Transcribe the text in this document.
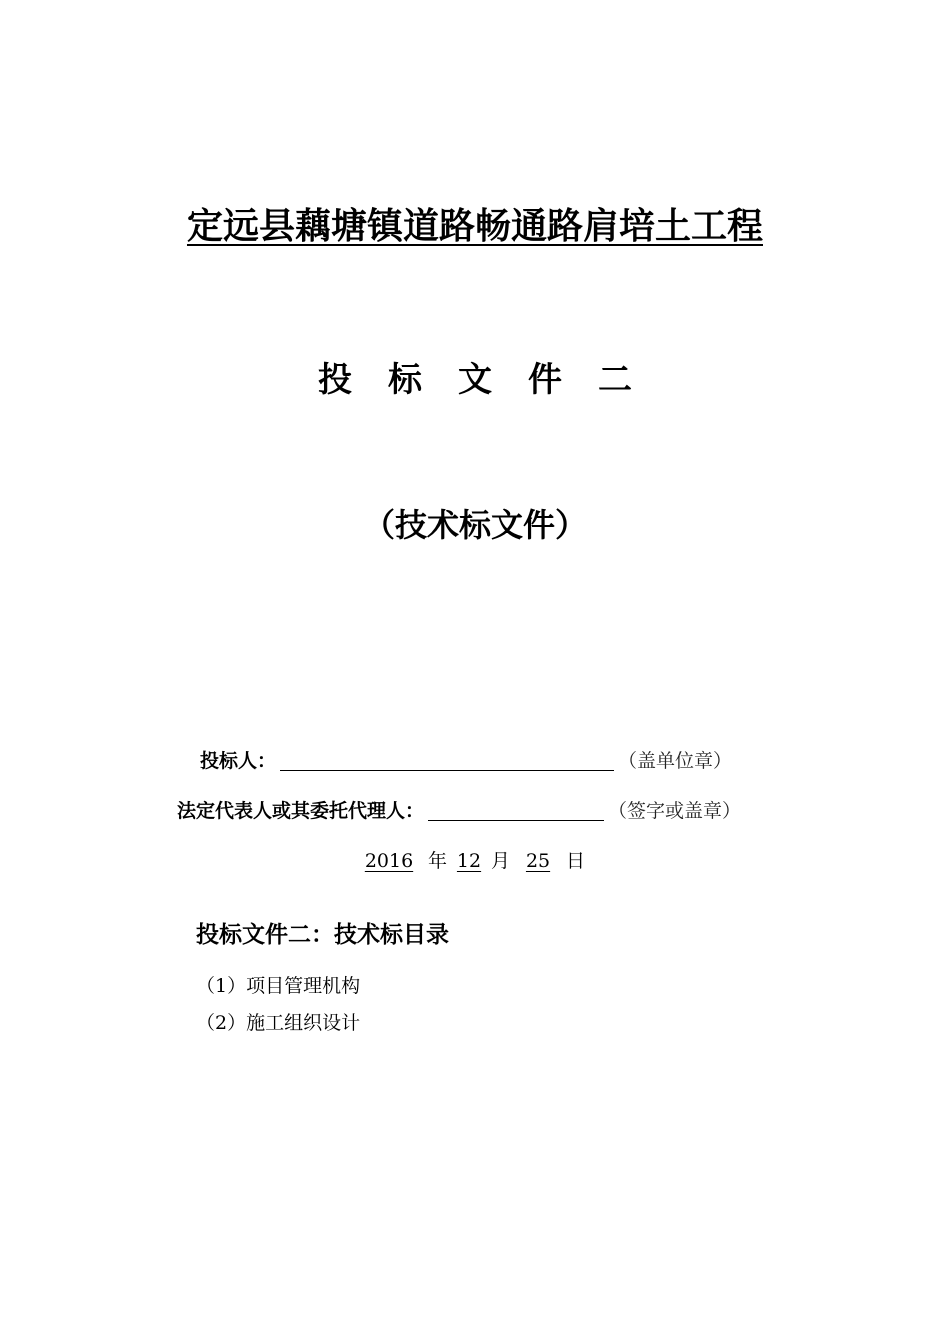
定远县藕塘镇道路畅通路肩培土工程
投 标 文 件 二
（技术标文件）
投标人：	（盖单位章）
法定代表人或其委托代理人：	（签字或盖章）
2016 年 12 月 25 日
投标文件二：技术标目录
（1）项目管理机构
（2）施工组织设计
